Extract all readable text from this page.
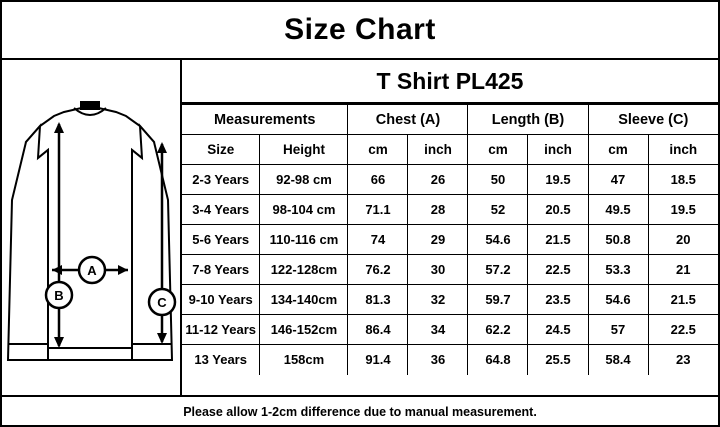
Size Chart
A
B	C
T Shirt PL425
Measurements		Chest (A)		Length (B)		Sleeve (C)	
Size	Height	cm	inch	cm	inch	cm	inch
2-3 Years	92-98 cm	66	26	50	19.5	47	18.5
3-4 Years	98-104 cm	71.1	28	52	20.5	49.5	19.5
5-6 Years	110-116 cm	74	29	54.6	21.5	50.8	20
7-8 Years	122-128cm	76.2	30	57.2	22.5	53.3	21
9-10 Years	134-140cm	81.3	32	59.7	23.5	54.6	21.5
11-12 Years	146-152cm	86.4	34	62.2	24.5	57	22.5
13 Years	158cm	91.4	36	64.8	25.5	58.4	23
Please allow 1-2cm difference due to manual measurement.
